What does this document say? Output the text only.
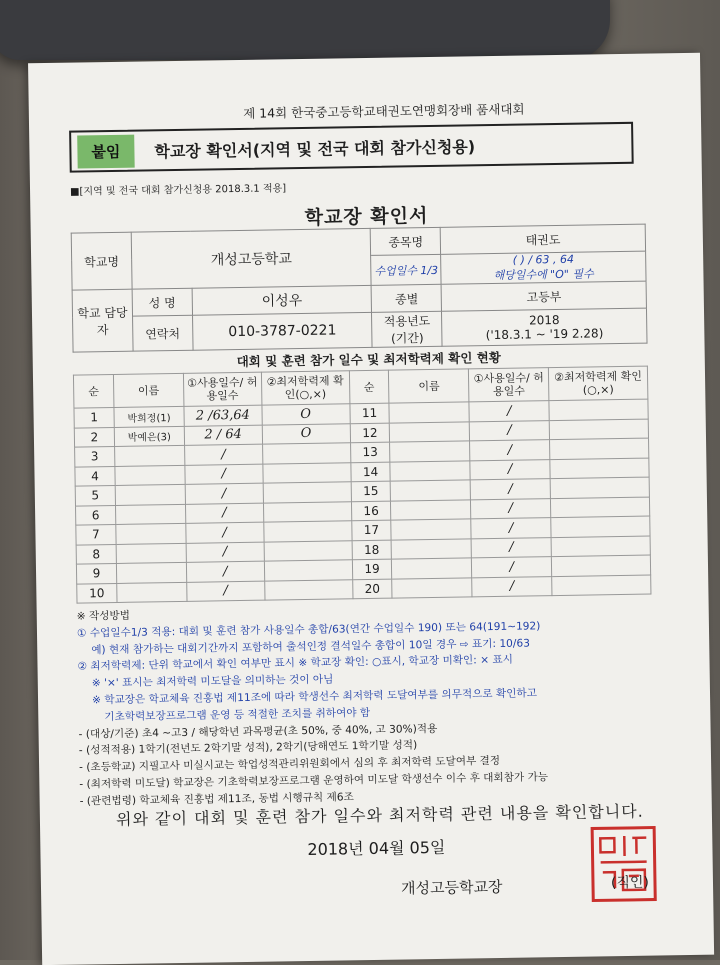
제 14회 한국중고등학교태권도연맹회장배 품새대회
붙임	학교장 확인서(지역 및 전국 대회 참가신청용)
■[지역 및 전국 대회 참가신청용 2018.3.1 적용]
학교장 확인서
학교명	개성고등학교		종목명	태권도
			수업일수 1/3	( ) / 63 , 64
해당일수에 "O" 필수

학교 담당자	성 명	이성우	종별	고등부
	연락처	010-3787-0221	적용년도 (기간)	2018
('18.3.1 ~ '19 2.28)
대회 및 훈련 참가 일수 및 최저학력제 확인 현황
순	이름	①사용일수/ 허용일수	②최저학력제 확인(○,×)	순	이름	①사용일수/ 허용일수	②최저학력제 확인(○,×)
1	박희정(1)	2 /63,64	O	11		/	
2	박예은(3)	2 / 64	O	12		/	
3		/		13		/	
4		/		14		/	
5		/		15		/	
6		/		16		/	
7		/		17		/	
8		/		18		/	
9		/		19		/	
10		/		20		/	
※ 작성방법
① 수업일수1/3 적용: 대회 및 훈련 참가 사용일수 총합/63(연간 수업일수 190) 또는 64(191~192)
예) 현재 참가하는 대회기간까지 포함하여 출석인정 결석일수 총합이 10일 경우 ⇨ 표기: 10/63
② 최저학력제: 단위 학교에서 확인 여부만 표시 ※ 학교장 확인: ○표시, 학교장 미확인: × 표시
※ '×' 표시는 최저학력 미도달을 의미하는 것이 아님
※ 학교장은 학교체육 진흥법 제11조에 따라 학생선수 최저학력 도달여부를 의무적으로 확인하고
기초학력보장프로그램 운영 등 적절한 조치를 취하여야 함
- (대상/기준) 초4 ~고3 / 해당학년 과목평균(초 50%, 중 40%, 고 30%)적용
- (성적적용) 1학기(전년도 2학기말 성적), 2학기(당해연도 1학기말 성적)
- (초등학교) 지필고사 미실시교는 학업성적관리위원회에서 심의 후 최저학력 도달여부 결정
- (최저학력 미도달) 학교장은 기초학력보장프로그램 운영하여 미도달 학생선수 이수 후 대회참가 가능
- (관련법령) 학교체육 진흥법 제11조, 동법 시행규칙 제6조
위와 같이 대회 및 훈련 참가 일수와 최저학력 관련 내용을 확인합니다.
2018년 04월 05일
개성고등학교장	(직인)
